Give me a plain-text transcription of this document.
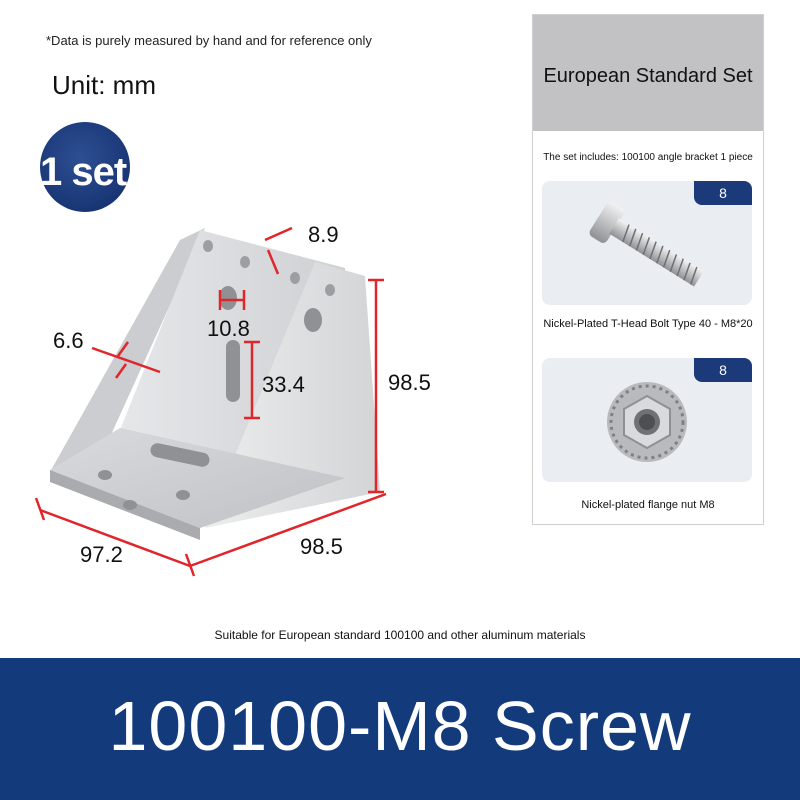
*Data is purely measured by hand and for reference only
Unit: mm
1 set
8.9
10.8
6.6
33.4	98.5
97.2	98.5
European Standard Set
The set includes: 100100 angle bracket 1 piece
8
Nickel-Plated T-Head Bolt Type 40 - M8*20
8
Nickel-plated flange nut M8
Suitable for European standard 100100 and other aluminum materials
100100-M8 Screw
